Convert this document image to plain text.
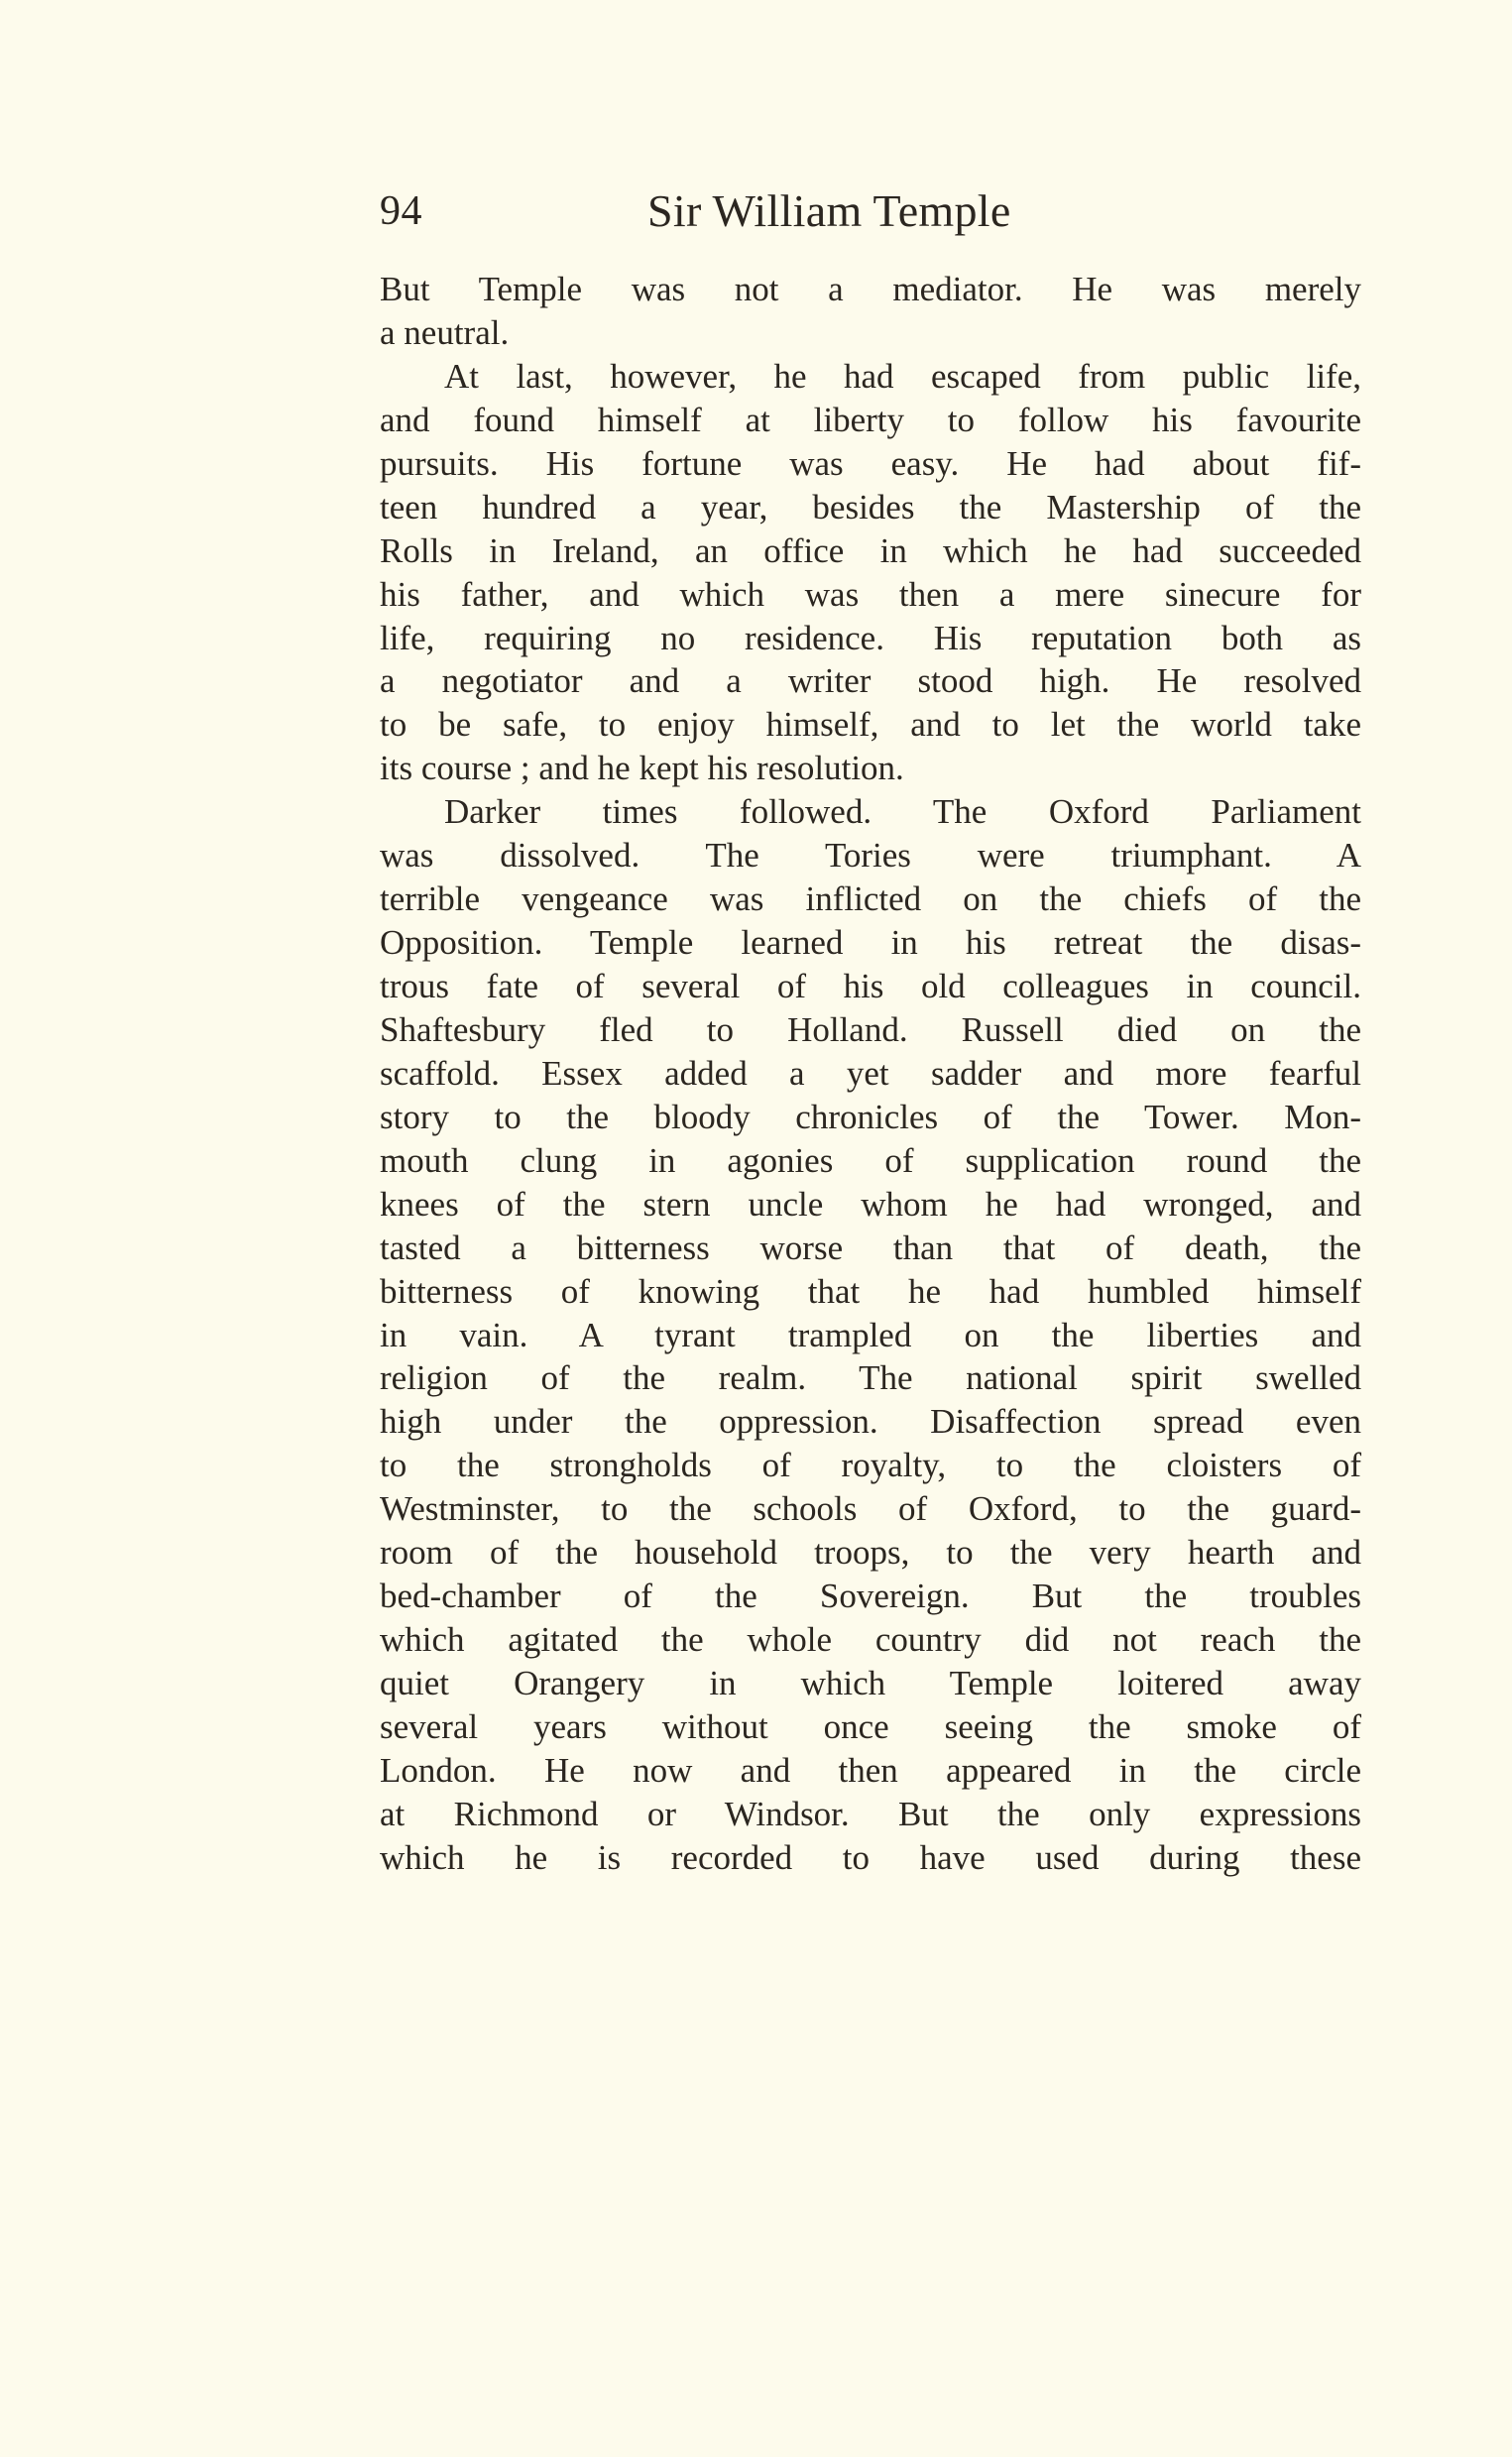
94	Sir William Temple
But Temple was not a mediator. He was merely
a neutral.
At last, however, he had escaped from public life,
and found himself at liberty to follow his favourite
pursuits. His fortune was easy. He had about fif-
teen hundred a year, besides the Mastership of the
Rolls in Ireland, an office in which he had succeeded
his father, and which was then a mere sinecure for
life, requiring no residence. His reputation both as
a negotiator and a writer stood high. He resolved
to be safe, to enjoy himself, and to let the world take
its course ; and he kept his resolution.
Darker times followed. The Oxford Parliament
was dissolved. The Tories were triumphant. A
terrible vengeance was inflicted on the chiefs of the
Opposition. Temple learned in his retreat the disas-
trous fate of several of his old colleagues in council.
Shaftesbury fled to Holland. Russell died on the
scaffold. Essex added a yet sadder and more fearful
story to the bloody chronicles of the Tower. Mon-
mouth clung in agonies of supplication round the
knees of the stern uncle whom he had wronged, and
tasted a bitterness worse than that of death, the
bitterness of knowing that he had humbled himself
in vain. A tyrant trampled on the liberties and
religion of the realm. The national spirit swelled
high under the oppression. Disaffection spread even
to the strongholds of royalty, to the cloisters of
Westminster, to the schools of Oxford, to the guard-
room of the household troops, to the very hearth and
bed-chamber of the Sovereign. But the troubles
which agitated the whole country did not reach the
quiet Orangery in which Temple loitered away
several years without once seeing the smoke of
London. He now and then appeared in the circle
at Richmond or Windsor. But the only expressions
which he is recorded to have used during these
